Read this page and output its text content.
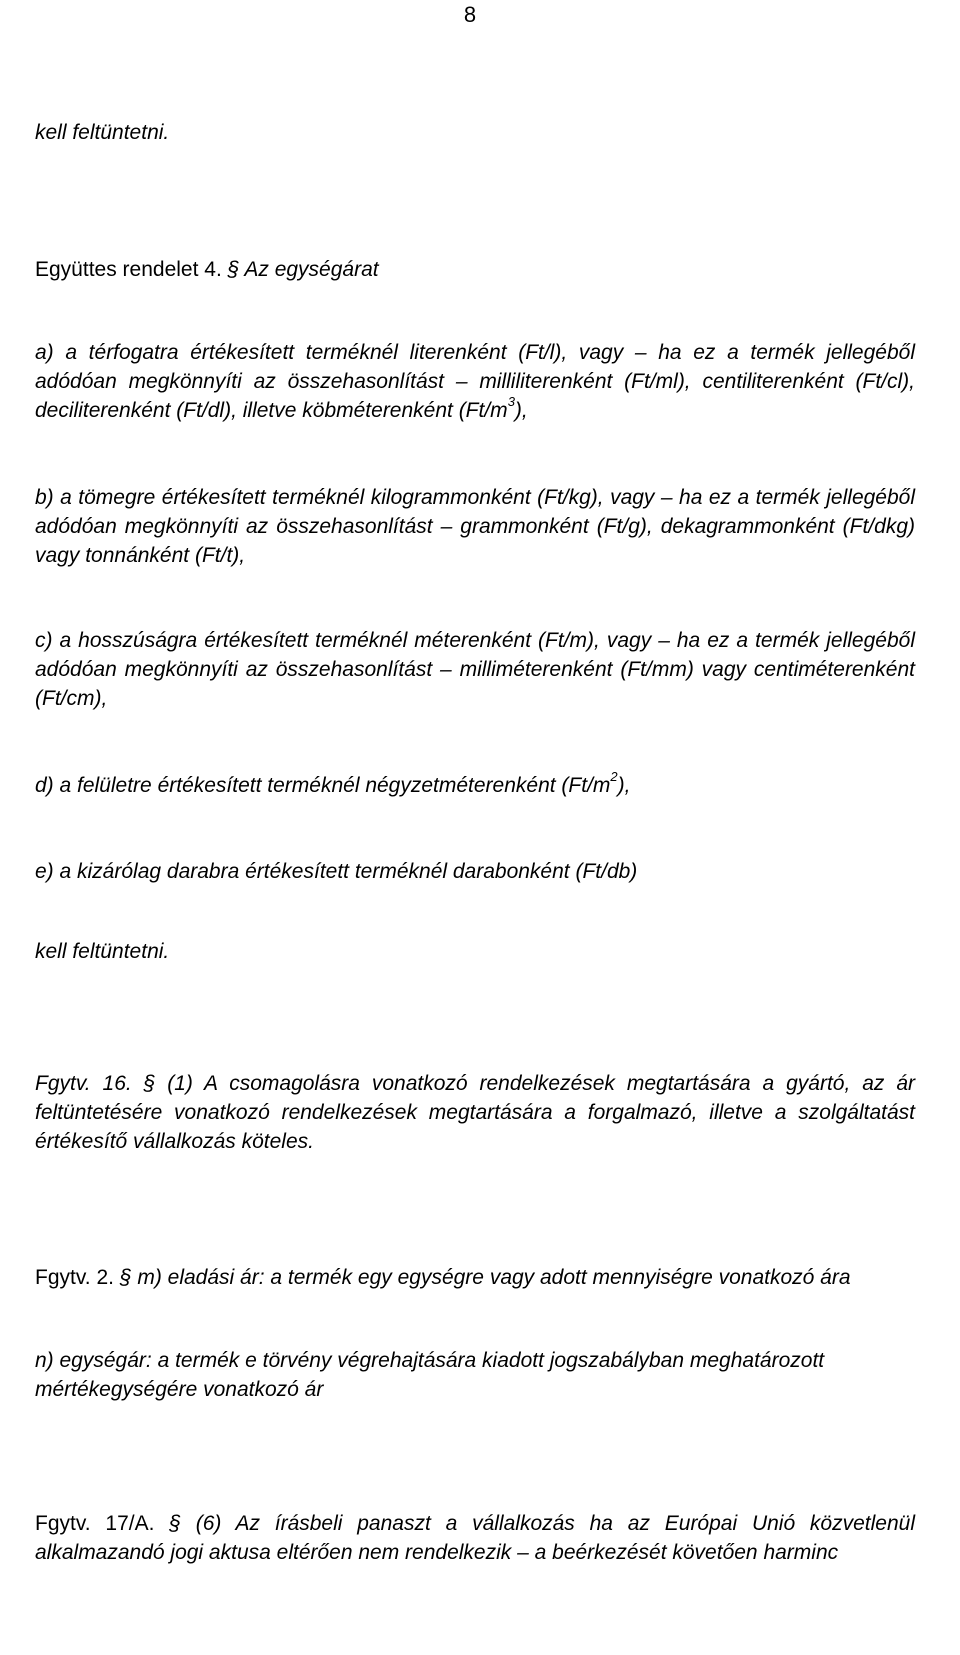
8

kell feltüntetni.

Együttes rendelet 4. § Az egységárat

a) a térfogatra értékesített terméknél literenként (Ft/l), vagy ‒ ha ez a termék jellegéből adódóan megkönnyíti az összehasonlítást ‒ milliliterenként (Ft/ml), centiliterenként (Ft/cl), deciliterenként (Ft/dl), illetve köbméterenként $(Ft/m^3)$,

b) a tömegre értékesített terméknél kilogrammonként (Ft/kg), vagy ‒ ha ez a termék jellegéből adódóan megkönnyíti az összehasonlítást ‒ grammonként (Ft/g), dekagrammonként (Ft/dkg) vagy tonnánként (Ft/t),

c) a hosszúságra értékesített terméknél méterenként (Ft/m), vagy ‒ ha ez a termék jellegéből adódóan megkönnyíti az összehasonlítást ‒ milliméterenként (Ft/mm) vagy centiméterenként (Ft/cm),

d) a felületre értékesített terméknél négyzetméterenként $(Ft/m^2)$,

e) a kizárólag darabra értékesített terméknél darabonként (Ft/db)

kell feltüntetni.

Fgytv. 16. § (1) A csomagolásra vonatkozó rendelkezések megtartására a gyártó, az ár feltüntetésére vonatkozó rendelkezések megtartására a forgalmazó, illetve a szolgáltatást értékesítő vállalkozás köteles.

Fgytv. 2. § m) eladási ár: a termék egy egységre vagy adott mennyiségre vonatkozó ára

n) egységár: a termék e törvény végrehajtására kiadott jogszabályban meghatározott mértékegységére vonatkozó ár

Fgytv. 17/A. § (6) Az írásbeli panaszt a vállalkozás ha az Európai Unió közvetlenül alkalmazandó jogi aktusa eltérően nem rendelkezik ‒ a beérkezését követően harminc
